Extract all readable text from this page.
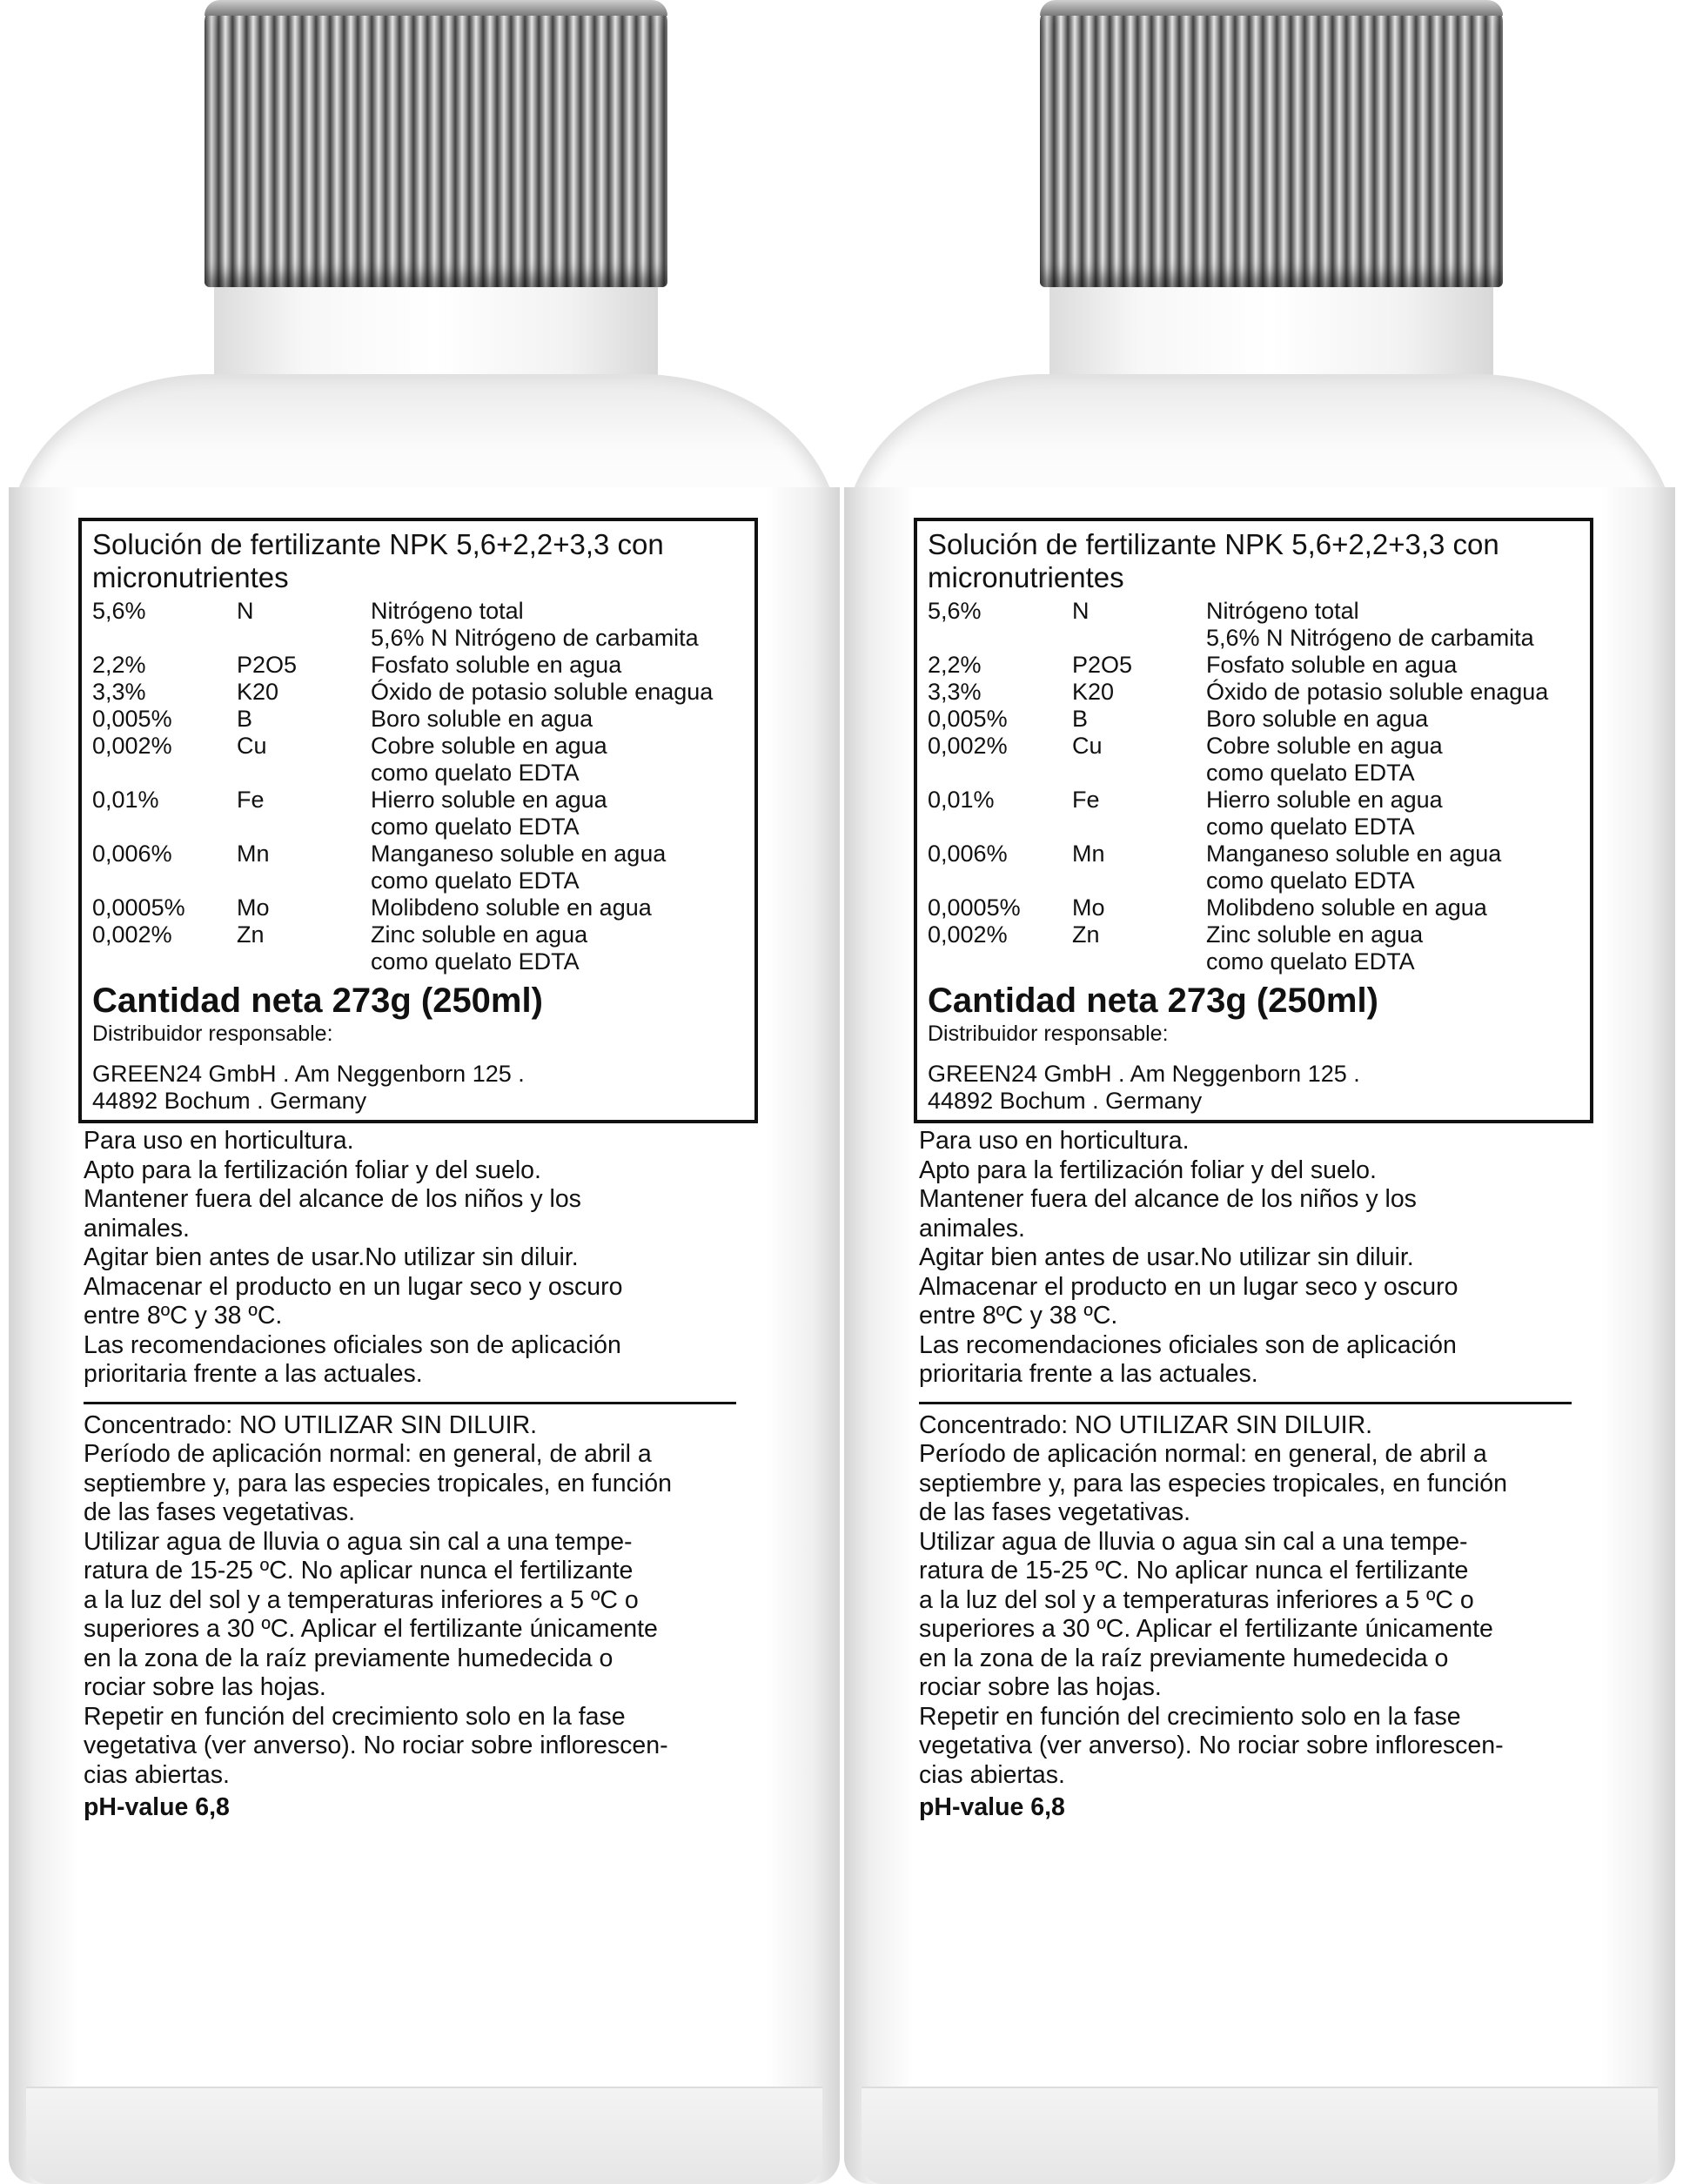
Solución de fertilizante NPK 5,6+2,2+3,3 con
micronutrientes
5,6%	N	Nitrógeno total
5,6% N Nitrógeno de carbamita
2,2%	P2O5	Fosfato soluble en agua
3,3%	K20	Óxido de potasio soluble enagua
0,005%	B	Boro soluble en agua
0,002%	Cu	Cobre soluble en agua
como quelato EDTA
0,01%	Fe	Hierro soluble en agua
como quelato EDTA
0,006%	Mn	Manganeso soluble en agua
como quelato EDTA
0,0005%	Mo	Molibdeno soluble en agua
0,002%	Zn	Zinc soluble en agua
como quelato EDTA
Cantidad neta 273g (250ml)
Distribuidor responsable:
GREEN24 GmbH . Am Neggenborn 125 .
44892 Bochum . Germany
Para uso en horticultura.
Apto para la fertilización foliar y del suelo.
Mantener fuera del alcance de los niños y los
animales.
Agitar bien antes de usar.No utilizar sin diluir.
Almacenar el producto en un lugar seco y oscuro
entre 8ºC y 38 ºC.
Las recomendaciones oficiales son de aplicación
prioritaria frente a las actuales.
Concentrado: NO UTILIZAR SIN DILUIR.
Período de aplicación normal: en general, de abril a
septiembre y, para las especies tropicales, en función
de las fases vegetativas.
Utilizar agua de lluvia o agua sin cal a una tempe-
ratura de 15-25 ºC. No aplicar nunca el fertilizante
a la luz del sol y a temperaturas inferiores a 5 ºC o
superiores a 30 ºC. Aplicar el fertilizante únicamente
en la zona de la raíz previamente humedecida o
rociar sobre las hojas.
Repetir en función del crecimiento solo en la fase
vegetativa (ver anverso). No rociar sobre inflorescen-
cias abiertas.
pH-value 6,8
Solución de fertilizante NPK 5,6+2,2+3,3 con
micronutrientes
5,6%	N	Nitrógeno total
5,6% N Nitrógeno de carbamita
2,2%	P2O5	Fosfato soluble en agua
3,3%	K20	Óxido de potasio soluble enagua
0,005%	B	Boro soluble en agua
0,002%	Cu	Cobre soluble en agua
como quelato EDTA
0,01%	Fe	Hierro soluble en agua
como quelato EDTA
0,006%	Mn	Manganeso soluble en agua
como quelato EDTA
0,0005%	Mo	Molibdeno soluble en agua
0,002%	Zn	Zinc soluble en agua
como quelato EDTA
Cantidad neta 273g (250ml)
Distribuidor responsable:
GREEN24 GmbH . Am Neggenborn 125 .
44892 Bochum . Germany
Para uso en horticultura.
Apto para la fertilización foliar y del suelo.
Mantener fuera del alcance de los niños y los
animales.
Agitar bien antes de usar.No utilizar sin diluir.
Almacenar el producto en un lugar seco y oscuro
entre 8ºC y 38 ºC.
Las recomendaciones oficiales son de aplicación
prioritaria frente a las actuales.
Concentrado: NO UTILIZAR SIN DILUIR.
Período de aplicación normal: en general, de abril a
septiembre y, para las especies tropicales, en función
de las fases vegetativas.
Utilizar agua de lluvia o agua sin cal a una tempe-
ratura de 15-25 ºC. No aplicar nunca el fertilizante
a la luz del sol y a temperaturas inferiores a 5 ºC o
superiores a 30 ºC. Aplicar el fertilizante únicamente
en la zona de la raíz previamente humedecida o
rociar sobre las hojas.
Repetir en función del crecimiento solo en la fase
vegetativa (ver anverso). No rociar sobre inflorescen-
cias abiertas.
pH-value 6,8
